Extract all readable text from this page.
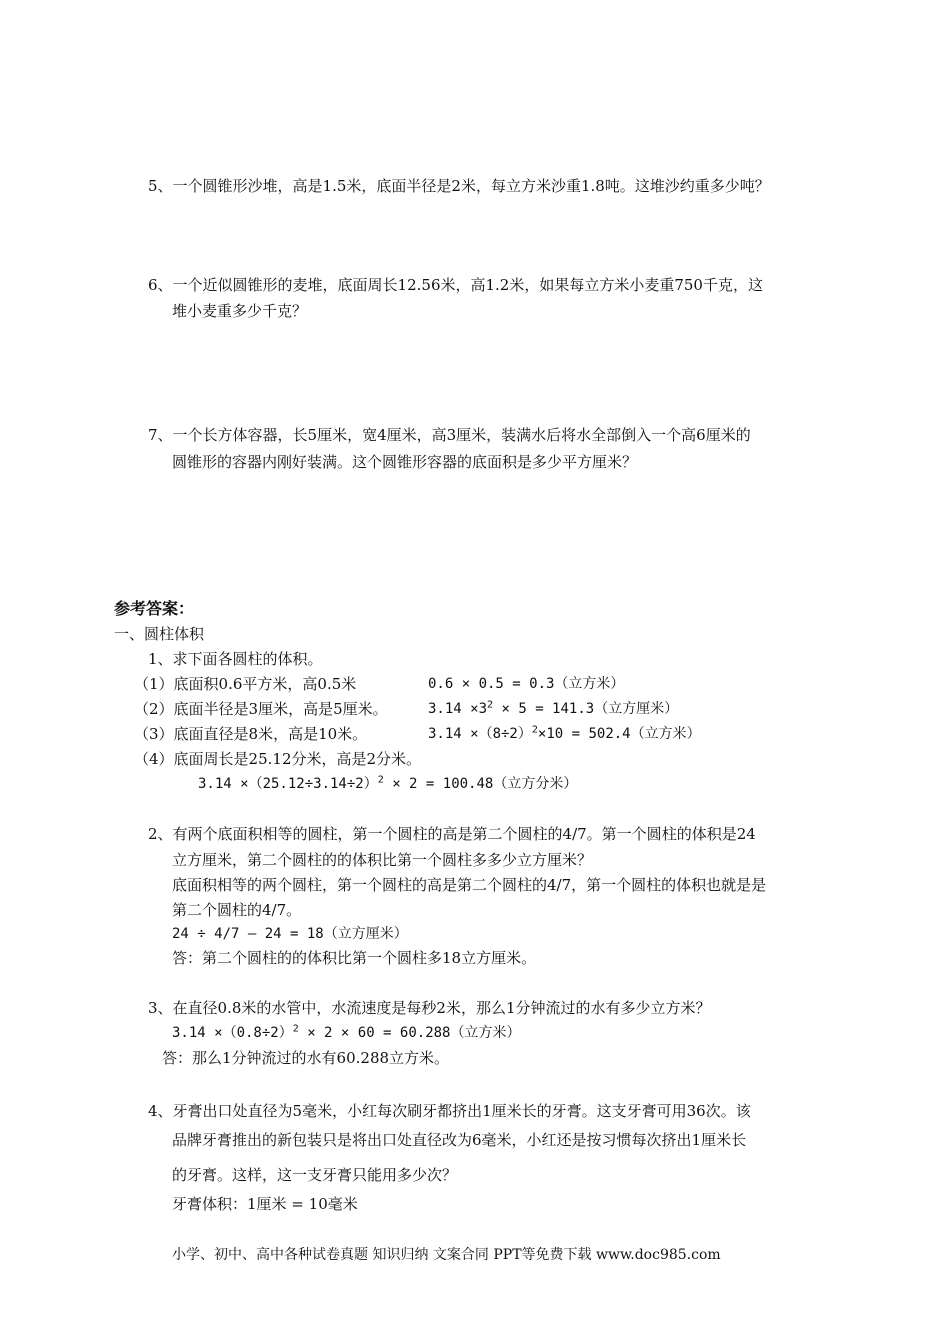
5、一个圆锥形沙堆，高是1.5米，底面半径是2米，每立方米沙重1.8吨。这堆沙约重多少吨？
6、一个近似圆锥形的麦堆，底面周长12.56米，高1.2米，如果每立方米小麦重750千克，这
堆小麦重多少千克？
7、一个长方体容器，长5厘米，宽4厘米，高3厘米，装满水后将水全部倒入一个高6厘米的
圆锥形的容器内刚好装满。这个圆锥形容器的底面积是多少平方厘米？
参考答案：
一、圆柱体积
1、求下面各圆柱的体积。
（1）底面积0.6平方米，高0.5米	0.6 × 0.5 = 0.3（立方米）
（2）底面半径是3厘米，高是5厘米。	$3.14 \times 3^2 \times 5 = 141.3$（立方厘米）
（3）底面直径是8米，高是10米。	$3.14 \times(8\div 2)^2\times 10 = 502.4$（立方米）
（4）底面周长是25.12分米，高是2分米。
$3.14 \times(25.12\div 3.14\div 2)^2 \times 2 = 100.48$（立方分米）
2、有两个底面积相等的圆柱，第一个圆柱的高是第二个圆柱的4/7。第一个圆柱的体积是24
立方厘米，第二个圆柱的的体积比第一个圆柱多多少立方厘米？
底面积相等的两个圆柱，第一个圆柱的高是第二个圆柱的4/7，第一个圆柱的体积也就是是
第二个圆柱的4/7。
24 ÷ 4/7 – 24 = 18（立方厘米）
答：第二个圆柱的的体积比第一个圆柱多18立方厘米。
3、在直径0.8米的水管中，水流速度是每秒2米，那么1分钟流过的水有多少立方米？
$3.14 \times(0.8\div 2)^2 \times 2 \times 60 = 60.288$（立方米）
答：那么1分钟流过的水有60.288立方米。
4、牙膏出口处直径为5毫米，小红每次刷牙都挤出1厘米长的牙膏。这支牙膏可用36次。该
品牌牙膏推出的新包装只是将出口处直径改为6毫米，小红还是按习惯每次挤出1厘米长
的牙膏。这样，这一支牙膏只能用多少次？
牙膏体积：1厘米 = 10毫米
小学、初中、高中各种试卷真题 知识归纳 文案合同 PPT等免费下载 www.doc985.com
